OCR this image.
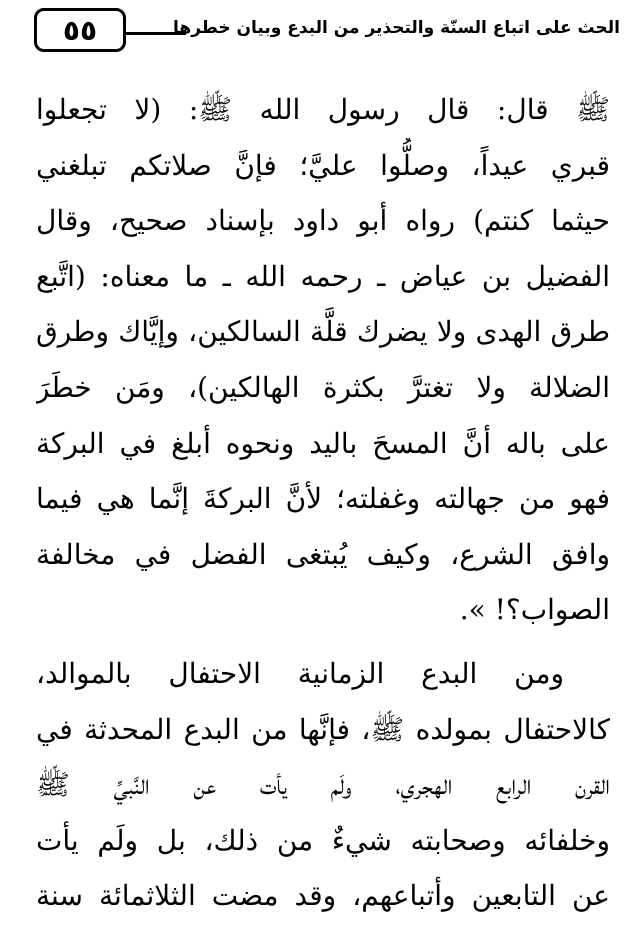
٥٥	الحث على اتباع السنّة والتحذير من البدع وبيان خطرها
ﷺ قال: قال رسول الله ﷺ: (لا تجعلوا
قبري عيداً، وصلُّوا عليَّ؛ فإنَّ صلاتكم تبلغني
حيثما كنتم) رواه أبو داود بإسناد صحيح، وقال
الفضيل بن عياض ـ رحمه الله ـ ما معناه: (اتَّبع
طرق الهدى ولا يضرك قلَّة السالكين، وإيَّاك وطرق
الضلالة ولا تغترَّ بكثرة الهالكين)، ومَن خطَرَ
على باله أنَّ المسحَ باليد ونحوه أبلغ في البركة
فهو من جهالته وغفلته؛ لأنَّ البركةَ إنَّما هي فيما
وافق الشرع، وكيف يُبتغى الفضل في مخالفة
الصواب؟! ».
ومن البدع الزمانية الاحتفال بالموالد،
كالاحتفال بمولده ﷺ، فإنَّها من البدع المحدثة في
القرن الرابع الهجري، ولَم يأت عن النَّبيِّ ﷺ
وخلفائه وصحابته شيءٌ من ذلك، بل ولَم يأت
عن التابعين وأتباعهم، وقد مضت الثلاثمائة سنة
